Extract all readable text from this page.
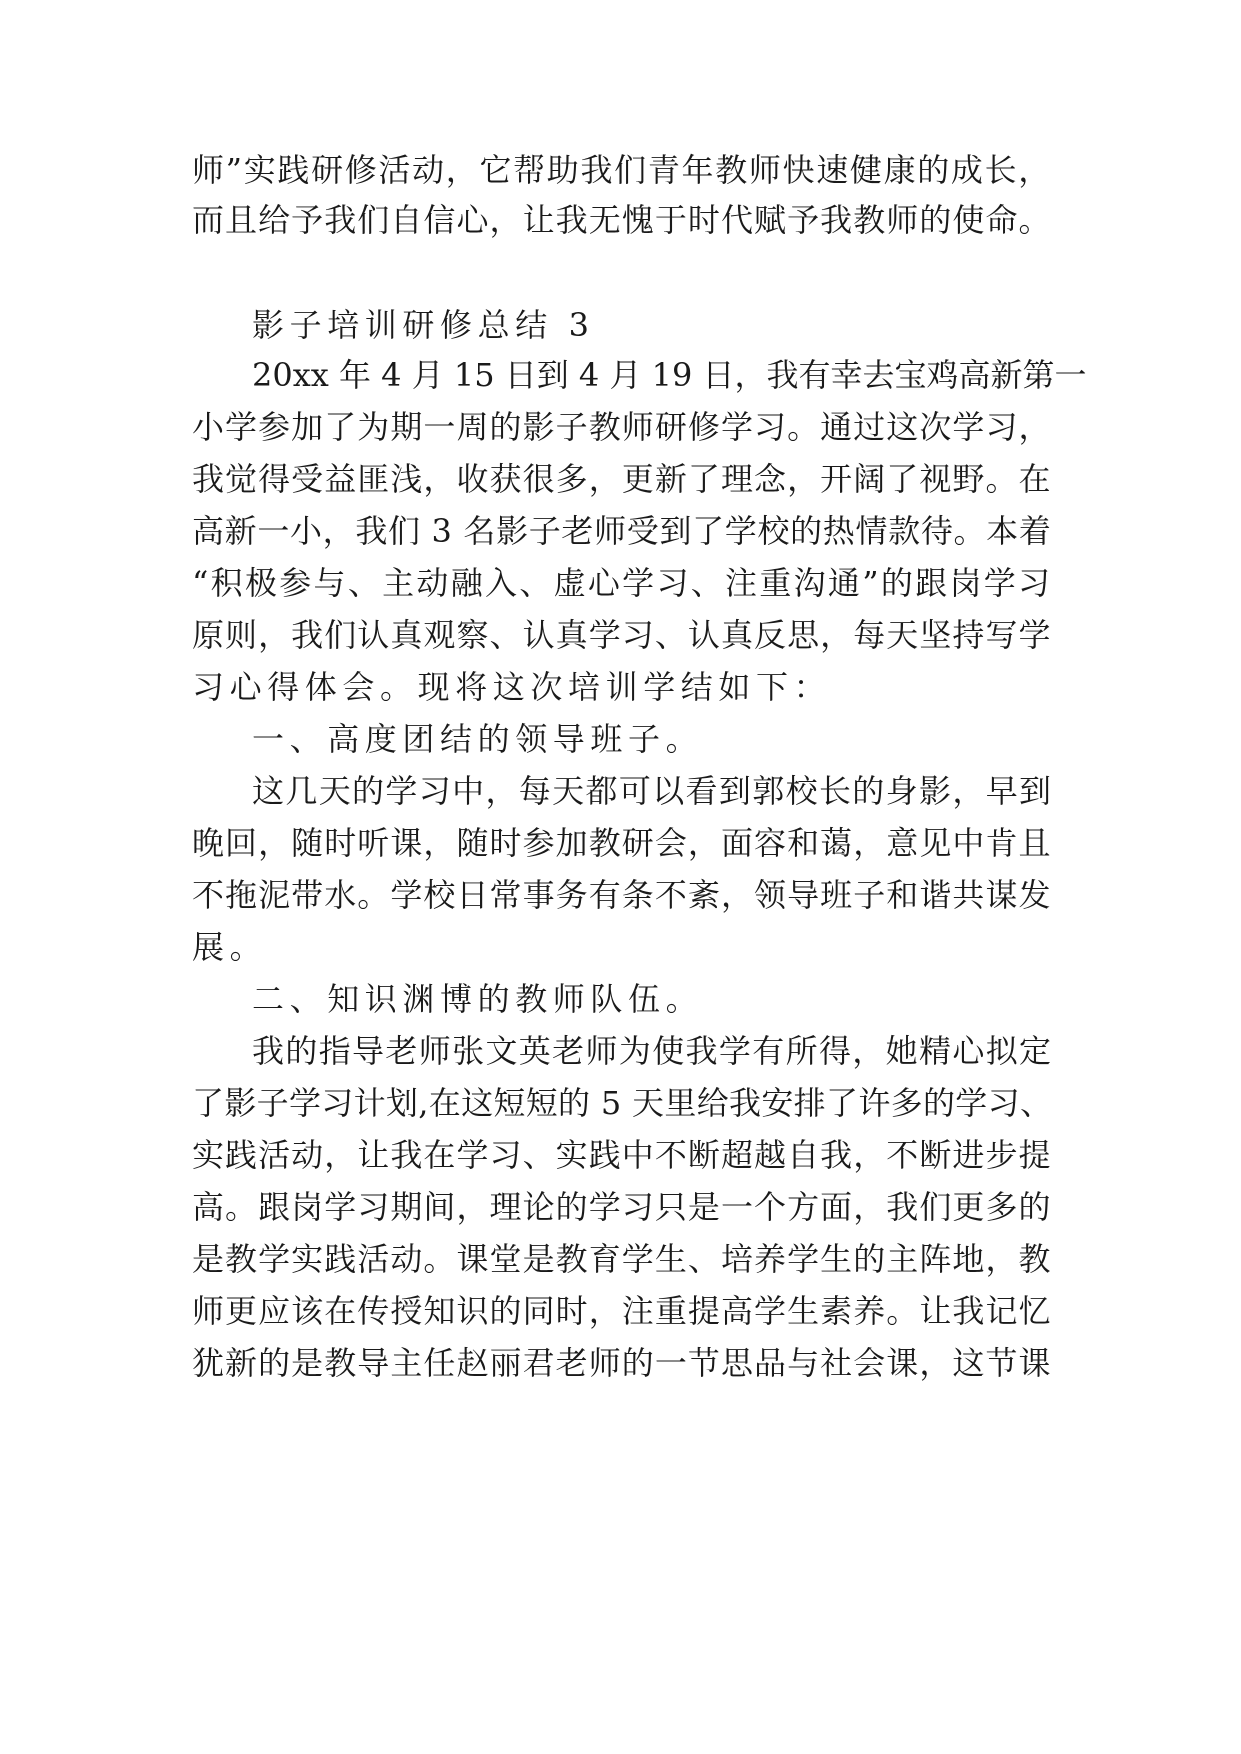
师”实践研修活动，它帮助我们青年教师快速健康的成长，
而且给予我们自信心，让我无愧于时代赋予我教师的使命。
影子培训研修总结 3
20xx 年 4 月 15 日到 4 月 19 日，我有幸去宝鸡高新第一
小学参加了为期一周的影子教师研修学习。通过这次学习，
我觉得受益匪浅，收获很多，更新了理念，开阔了视野。在
高新一小，我们 3 名影子老师受到了学校的热情款待。本着
“积极参与、主动融入、虚心学习、注重沟通”的跟岗学习
原则，我们认真观察、认真学习、认真反思，每天坚持写学
习心得体会。现将这次培训学结如下：
一、高度团结的领导班子。
这几天的学习中，每天都可以看到郭校长的身影，早到
晚回，随时听课，随时参加教研会，面容和蔼，意见中肯且
不拖泥带水。学校日常事务有条不紊，领导班子和谐共谋发
展。
二、知识渊博的教师队伍。
我的指导老师张文英老师为使我学有所得，她精心拟定
了影子学习计划,在这短短的 5 天里给我安排了许多的学习、
实践活动，让我在学习、实践中不断超越自我，不断进步提
高。跟岗学习期间，理论的学习只是一个方面，我们更多的
是教学实践活动。课堂是教育学生、培养学生的主阵地，教
师更应该在传授知识的同时，注重提高学生素养。让我记忆
犹新的是教导主任赵丽君老师的一节思品与社会课，这节课
